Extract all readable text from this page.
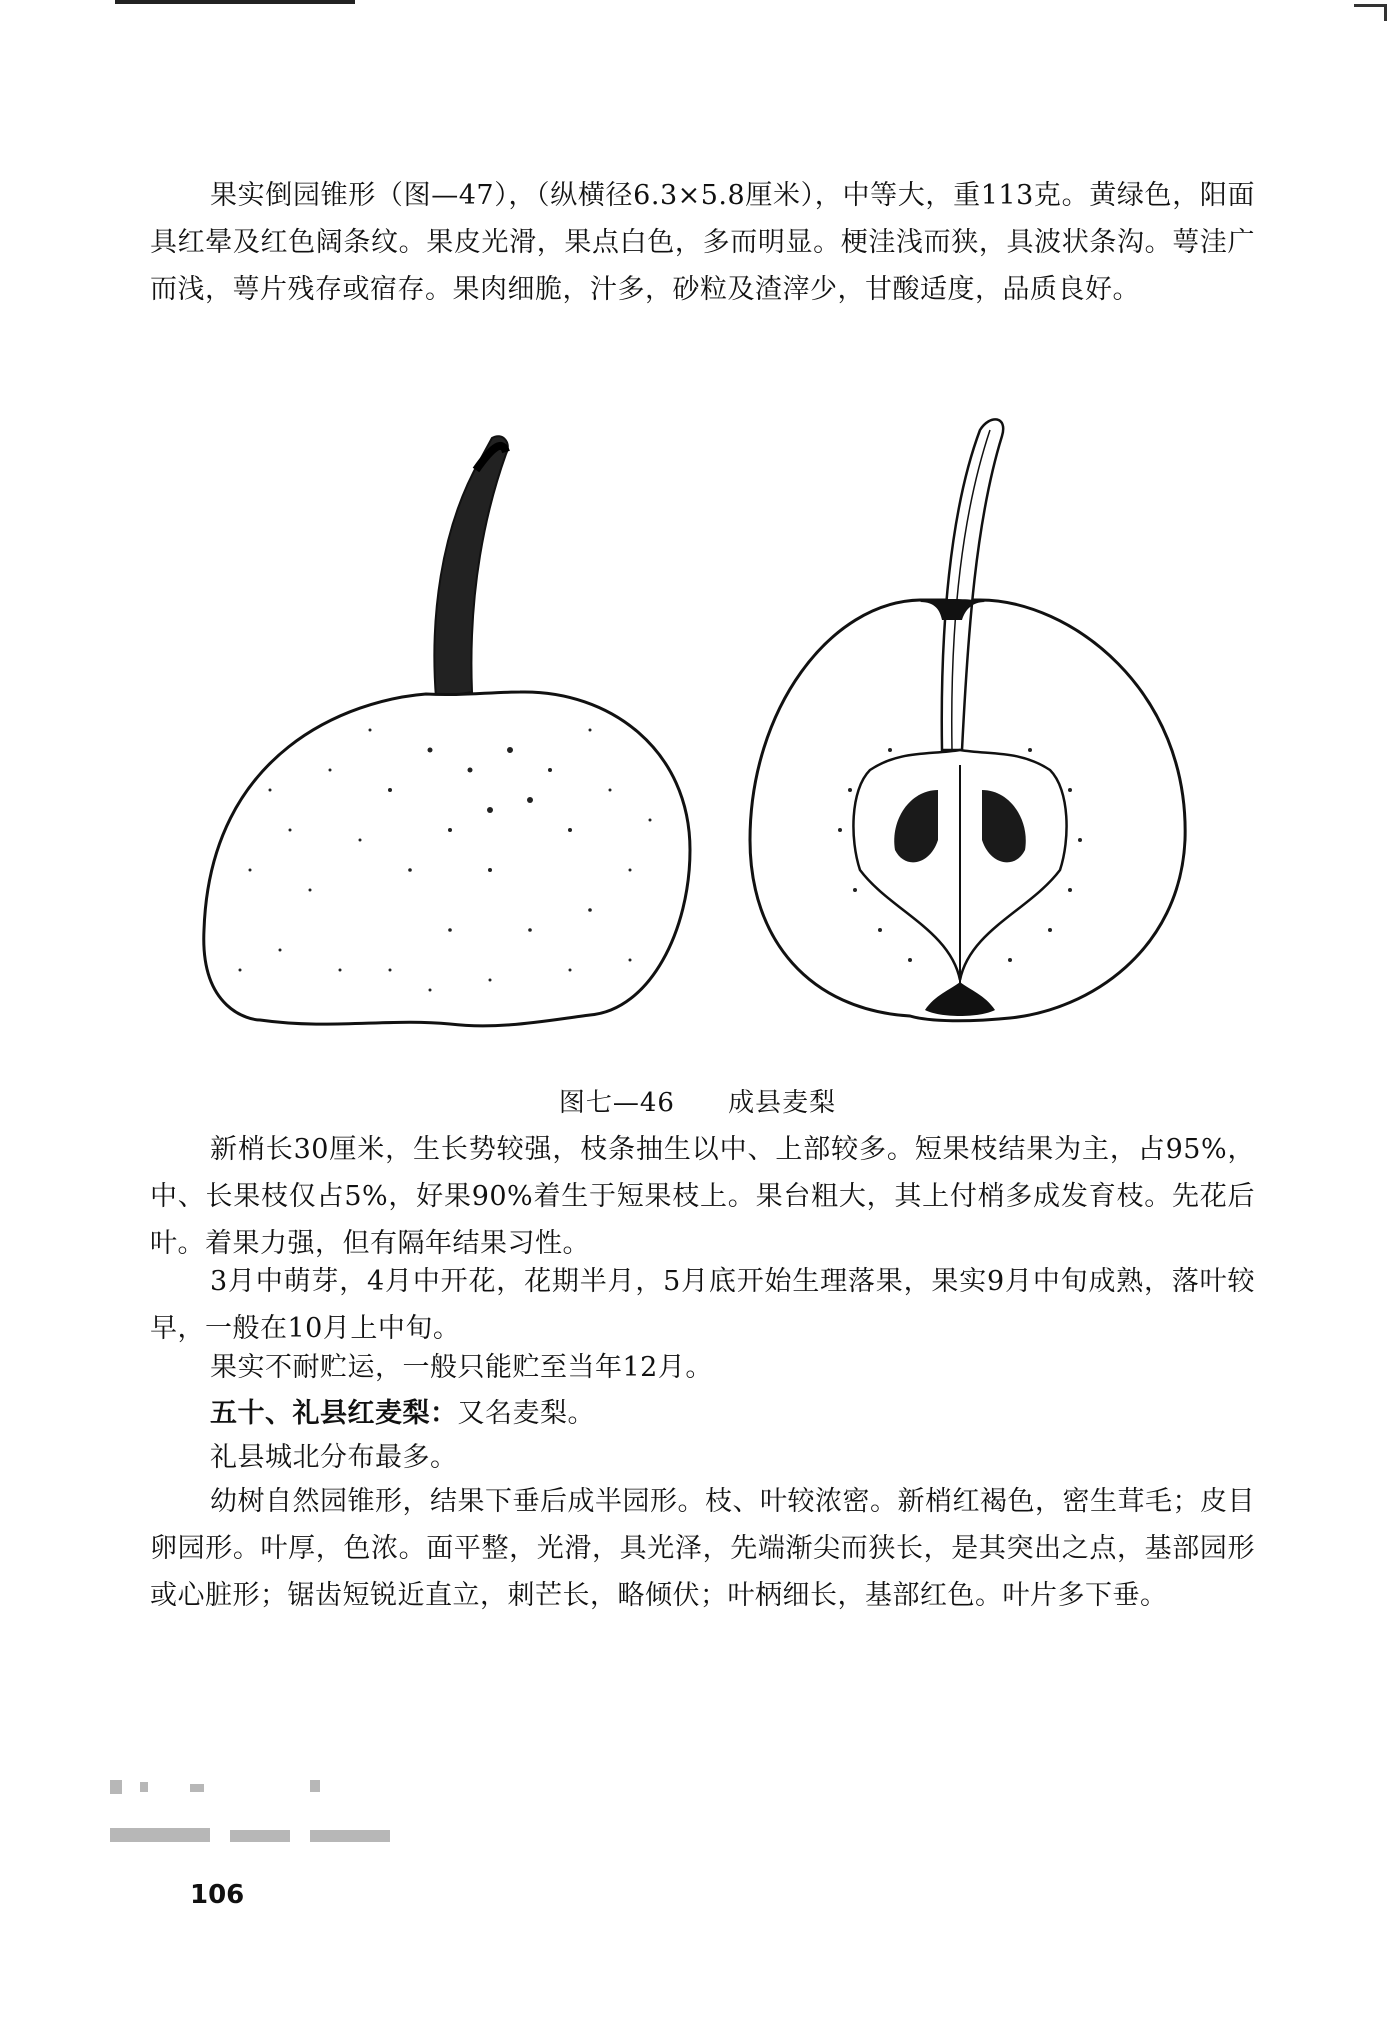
果实倒园锥形（图—47），（纵横径6.3×5.8厘米），中等大，重113克。黄绿色，阳面具红晕及红色阔条纹。果皮光滑，果点白色，多而明显。梗洼浅而狭，具波状条沟。萼洼广而浅，萼片残存或宿存。果肉细脆，汁多，砂粒及渣滓少，甘酸适度，品质良好。

图七—46 成县麦梨

新梢长30厘米，生长势较强，枝条抽生以中、上部较多。短果枝结果为主，占95%，中、长果枝仅占5%，好果90%着生于短果枝上。果台粗大，其上付梢多成发育枝。先花后叶。着果力强，但有隔年结果习性。

3月中萌芽，4月中开花，花期半月，5月底开始生理落果，果实9月中旬成熟，落叶较早，一般在10月上中旬。

果实不耐贮运，一般只能贮至当年12月。

五十、礼县红麦梨：又名麦梨。

礼县城北分布最多。

幼树自然园锥形，结果下垂后成半园形。枝、叶较浓密。新梢红褐色，密生茸毛；皮目卵园形。叶厚，色浓。面平整，光滑，具光泽，先端渐尖而狭长，是其突出之点，基部园形或心脏形；锯齿短锐近直立，刺芒长，略倾伏；叶柄细长，基部红色。叶片多下垂。

106
